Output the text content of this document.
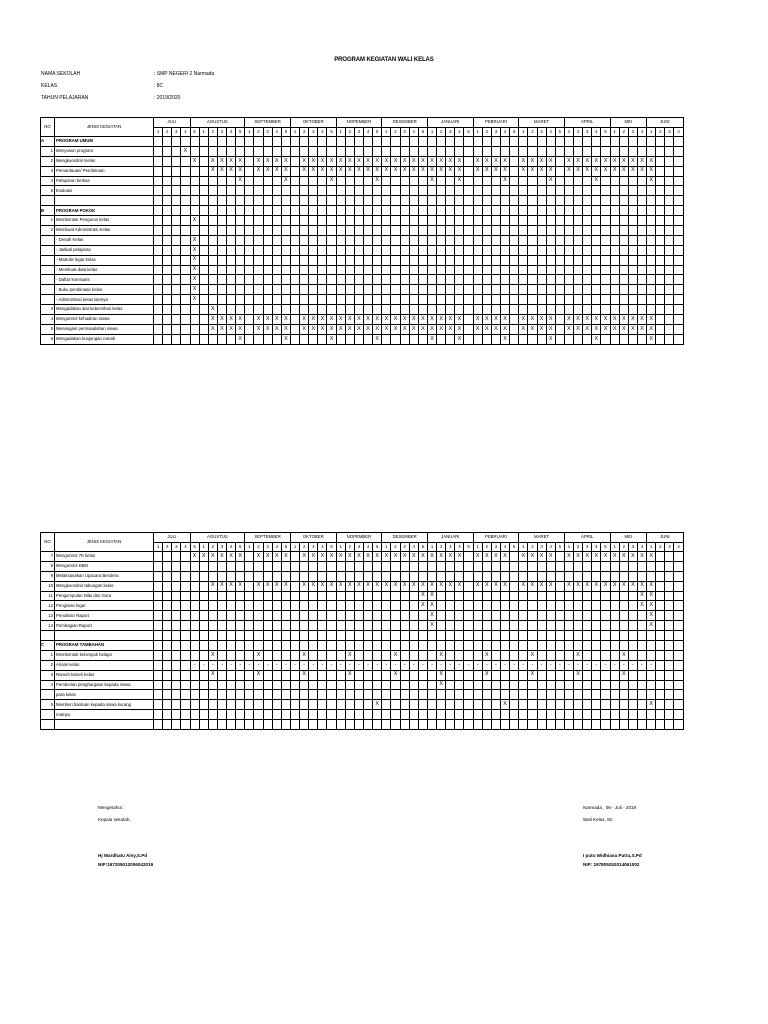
PROGRAM KEGIATAN WALI KELAS
NAMA SEKOLAH	: SMP NEGERI 2 Narmada
KELAS	: 8C
TAHUN PELAJARAN	: 2019/2020
NO	JENIS KEGIATAN	JULI				AGUSTUS						SEPTEMBER					OKTOBER					NOPEMBER					DESEMBER					JANUARI					PEBRUARI					MARET					APRIL					MEI				JUNI			
		1	2	3	4	5	1	2	3	4	5	1	2	3	4	5	1	2	3	4	5	1	2	3	4	5	1	2	3	4	5	1	2	3	4	5	1	2	3	4	5	1	2	3	4	5	1	2	3	4	5	1	2	3	4	1	2	3	4
A	PROGRAM UMUM																																																										
1	Menyusun program				X																																																						
2	Mengkoordinir Kelas					X		X	X	X	X		X	X	X	X		X	X	X	X	X	X	X	X	X	X	X	X	X	X	X	X	X	X		X	X	X	X		X	X	X	X		X	X	X	X	X	X	X	X	X	X			
3	Pemantauan/ Pembinaan							X	X	X	X		X	X	X	X		X	X	X	X	X	X	X	X	X	X	X	X	X	X	X	X	X	X		X	X	X	X		X	X	X	X		X	X	X	X	X	X	X	X	X	X			
4	Pelaporan berkas										X					X					X					X						X			X					X					X					X						X			
5	Evaluasi																																																										

B	PROGRAM POKOK																																																										
1	Membentuk Pengurus kelas					X																																																					
2	Membuat Administrasi Kelas																																																										
	- Denah Kelas					X																																																					
	- Jadwal pelajaran					X																																																					
	- Matrulis legar kelas					X																																																					
	- Membuat data kelas					X																																																					
	- Daftar komisaris					X																																																					
	- Buku pembinaan kelas					X																																																					
	- Administrasi kelas lainnya					X																																																					
3	Mengadakan alat kebersihan kelas							X																																																			
4	Mengontrol kehadiran siswa							X	X	X	X		X	X	X	X		X	X	X	X	X	X	X	X	X	X	X	X	X	X	X	X	X	X		X	X	X	X		X	X	X	X		X	X	X	X	X	X	X	X	X	X			
5	Menangani permasalahan siswa							X	X	X	X		X	X	X	X		X	X	X	X	X	X	X	X	X	X	X	X	X	X	X	X	X	X		X	X	X	X		X	X	X	X		X	X	X	X	X	X	X	X	X	X			
6	Mengadakan kunjungan rumah										X					X					X					X						X			X					X					X					X						X			
NO	JENIS KEGIATAN	JULI				AGUSTUS						SEPTEMBER					OKTOBER					NOPEMBER					DESEMBER					JANUARI					PEBRUARI					MARET					APRIL					MEI				JUNI			
		1	2	3	4	5	1	2	3	4	5	1	2	3	4	5	1	2	3	4	5	1	2	3	4	5	1	2	3	4	5	1	2	3	4	5	1	2	3	4	5	1	2	3	4	5	1	2	3	4	5	1	2	3	4	1	2	3	4
7	Mengontrol 7K kelas					X	X	X	X	X	X		X	X	X	X		X	X	X	X	X	X	X	X	X	X	X	X	X	X	X	X	X	X		X	X	X	X		X	X	X	X		X	X	X	X	X	X	X	X	X	X			
8	Mengontrol KBM																																																										
9	Melaksanakan Upacara Bendera																																																										
10	Mengkoordinir tabungan kelas							X	X	X	X		X	X	X	X		X	X	X	X	X	X	X	X	X	X	X	X	X	X	X	X	X	X		X	X	X	X		X	X	X	X		X	X	X	X	X	X	X	X	X	X			
11	Pengumpulan Nilai dari Guru																														X	X																							X	X			
12	Pengisian legar																														X	X																							X	X			
13	Penulisan Raport																															X																								X			
14	Pembagian Raport																															X																								X			

C	PROGRAM TAMBAHAN																																																										
1	Membentuk kelompok belajar							X					X					X					X					X					X					X					X					X					X						
2	Arisan kelas					-	-	-	-	-	-	-	-	-	-	-	-	-	-	-	-	-	-	-	-	-	-	-	-	-	-	-	-	-	-	-	-	-	-	-	-	-	-	-	-	-	-	-	-	-	-	-	-	-	-	-			
3	Rameh tameh kelas							X					X					X					X					X					X					X					X					X					X						
4	Pemberian penghargaan kepada siswa																																X																										
	para kelas																																																										
5	Memberi bantuan kepada siswa kurang																									X														X																X			
	mampu																																																										

Mengetahui :
Kepala sekolah,
Hj Wardhatu Ainy,S.Pd
NIP:197205012006042019
Narmada , 08 - Juli - 2019
Wali Kelas, 8C
I putu Widhiana Putra,S.Pd
NIP: 197805252014061002
